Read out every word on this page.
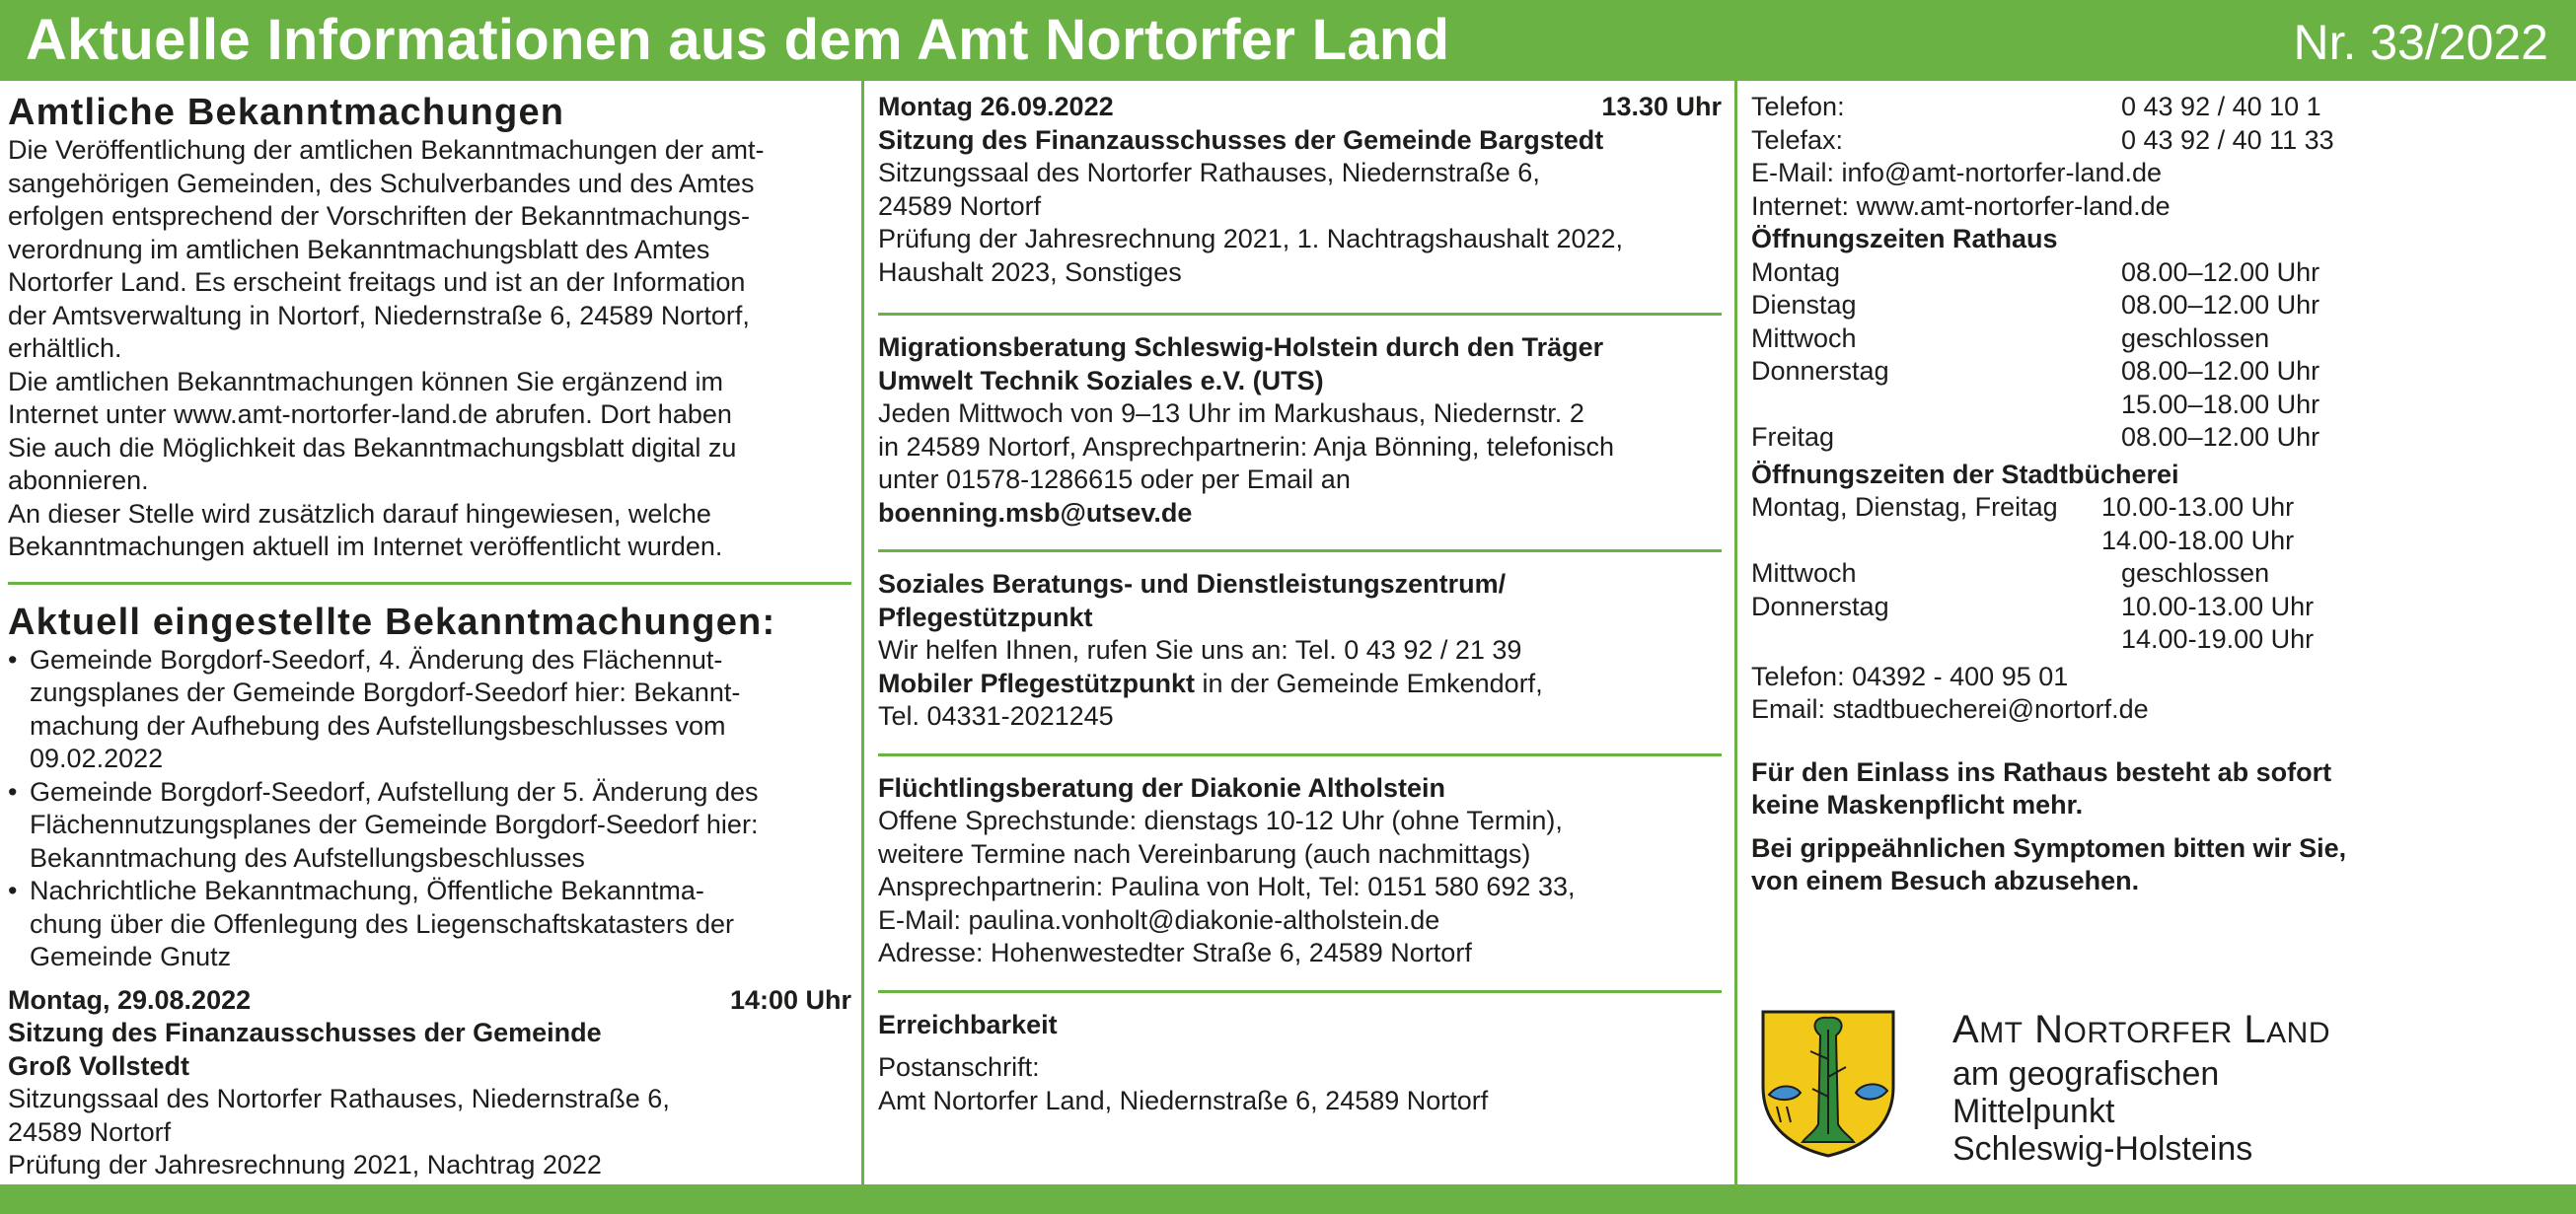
Aktuelle Informationen aus dem Amt Nortorfer Land	Nr. 33/2022
Amtliche Bekanntmachungen

Die Veröffentlichung der amtlichen Bekanntmachungen der amt-

sangehörigen Gemeinden, des Schulverbandes und des Amtes

erfolgen entsprechend der Vorschriften der Bekanntmachungs-

verordnung im amtlichen Bekanntmachungsblatt des Amtes

Nortorfer Land. Es erscheint freitags und ist an der Information

der Amtsverwaltung in Nortorf, Niedernstraße 6, 24589 Nortorf,

erhältlich.

Die amtlichen Bekanntmachungen können Sie ergänzend im

Internet unter www.amt-nortorfer-land.de abrufen. Dort haben

Sie auch die Möglichkeit das Bekanntmachungsblatt digital zu

abonnieren.

An dieser Stelle wird zusätzlich darauf hingewiesen, welche

Bekanntmachungen aktuell im Internet veröffentlicht wurden.

Aktuell eingestellte Bekanntmachungen:

• Gemeinde Borgdorf-Seedorf, 4. Änderung des Flächennut-

zungsplanes der Gemeinde Borgdorf-Seedorf hier: Bekannt-

machung der Aufhebung des Aufstellungsbeschlusses vom

09.02.2022

• Gemeinde Borgdorf-Seedorf, Aufstellung der 5. Änderung des

Flächennutzungsplanes der Gemeinde Borgdorf-Seedorf hier:

Bekanntmachung des Aufstellungsbeschlusses

• Nachrichtliche Bekanntmachung, Öffentliche Bekanntma-

chung über die Offenlegung des Liegenschaftskatasters der

Gemeinde Gnutz

Montag, 29.08.2022	14:00 Uhr

Sitzung des Finanzausschusses der Gemeinde

Groß Vollstedt

Sitzungssaal des Nortorfer Rathauses, Niedernstraße 6,

24589 Nortorf

Prüfung der Jahresrechnung 2021, Nachtrag 2022

Montag 26.09.2022	13.30 Uhr

Sitzung des Finanzausschusses der Gemeinde Bargstedt

Sitzungssaal des Nortorfer Rathauses, Niedernstraße 6,

24589 Nortorf

Prüfung der Jahresrechnung 2021, 1. Nachtragshaushalt 2022,

Haushalt 2023, Sonstiges

Migrationsberatung Schleswig-Holstein durch den Träger

Umwelt Technik Soziales e.V. (UTS)

Jeden Mittwoch von 9–13 Uhr im Markushaus, Niedernstr. 2

in 24589 Nortorf, Ansprechpartnerin: Anja Bönning, telefonisch

unter 01578-1286615 oder per Email an

boenning.msb@utsev.de

Soziales Beratungs- und Dienstleistungszentrum/

Pflegestützpunkt

Wir helfen Ihnen, rufen Sie uns an: Tel. 0 43 92 / 21 39

Mobiler Pflegestützpunkt in der Gemeinde Emkendorf,

Tel. 04331-2021245

Flüchtlingsberatung der Diakonie Altholstein

Offene Sprechstunde: dienstags 10-12 Uhr (ohne Termin),

weitere Termine nach Vereinbarung (auch nachmittags)

Ansprechpartnerin: Paulina von Holt, Tel: 0151 580 692 33,

E-Mail: paulina.vonholt@diakonie-altholstein.de

Adresse: Hohenwestedter Straße 6, 24589 Nortorf

Erreichbarkeit

Postanschrift:

Amt Nortorfer Land, Niedernstraße 6, 24589 Nortorf

Telefon:	0 43 92 / 40 10 1
Telefax:	0 43 92 / 40 11 33

E-Mail: info@amt-nortorfer-land.de

Internet: www.amt-nortorfer-land.de

Öffnungszeiten Rathaus

Montag	08.00–12.00 Uhr
Dienstag	08.00–12.00 Uhr
Mittwoch	geschlossen
Donnerstag	08.00–12.00 Uhr
15.00–18.00 Uhr
Freitag	08.00–12.00 Uhr

Öffnungszeiten der Stadtbücherei

Montag, Dienstag, Freitag	10.00-13.00 Uhr
14.00-18.00 Uhr
Mittwoch	geschlossen
Donnerstag	10.00-13.00 Uhr
14.00-19.00 Uhr

Telefon: 04392 - 400 95 01

Email: stadtbuecherei@nortorf.de

Für den Einlass ins Rathaus besteht ab sofort

keine Maskenpflicht mehr.

Bei grippeähnlichen Symptomen bitten wir Sie,

von einem Besuch abzusehen.

AMT NORTORFER LAND
am geografischen
Mittelpunkt
Schleswig-Holsteins
